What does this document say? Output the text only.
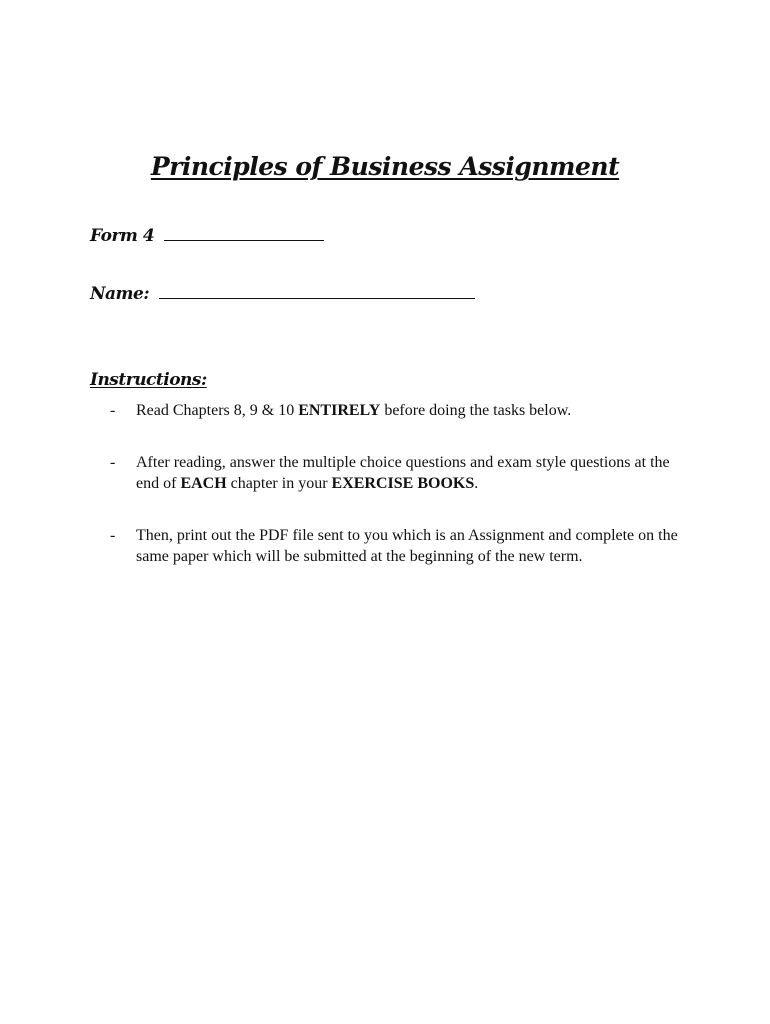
Principles of Business Assignment
Form 4
Name:
Instructions:
-	Read Chapters 8, 9 & 10 ENTIRELY before doing the tasks below.
-	After reading, answer the multiple choice questions and exam style questions at the end of EACH chapter in your EXERCISE BOOKS.
-	Then, print out the PDF file sent to you which is an Assignment and complete on the same paper which will be submitted at the beginning of the new term.
